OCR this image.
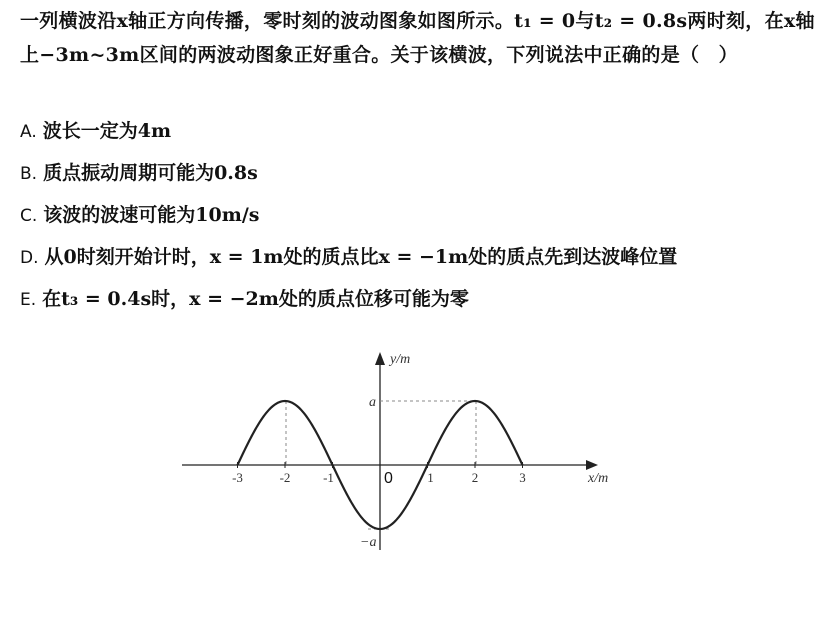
一列横波沿x轴正方向传播，零时刻的波动图象如图所示。t₁ = 0与t₂ = 0.8s两时刻，在x轴上−3m~3m区间的两波动图象正好重合。关于该横波，下列说法中正确的是（　）
A. 波长一定为4m
B. 质点振动周期可能为0.8s
C. 该波的波速可能为10m/s
D. 从0时刻开始计时，x = 1m处的质点比x = −1m处的质点先到达波峰位置
E. 在t₃ = 0.4s时，x = −2m处的质点位移可能为零
y/m
x/m
a
−a
0
-3	-2	-1	1	2	3
